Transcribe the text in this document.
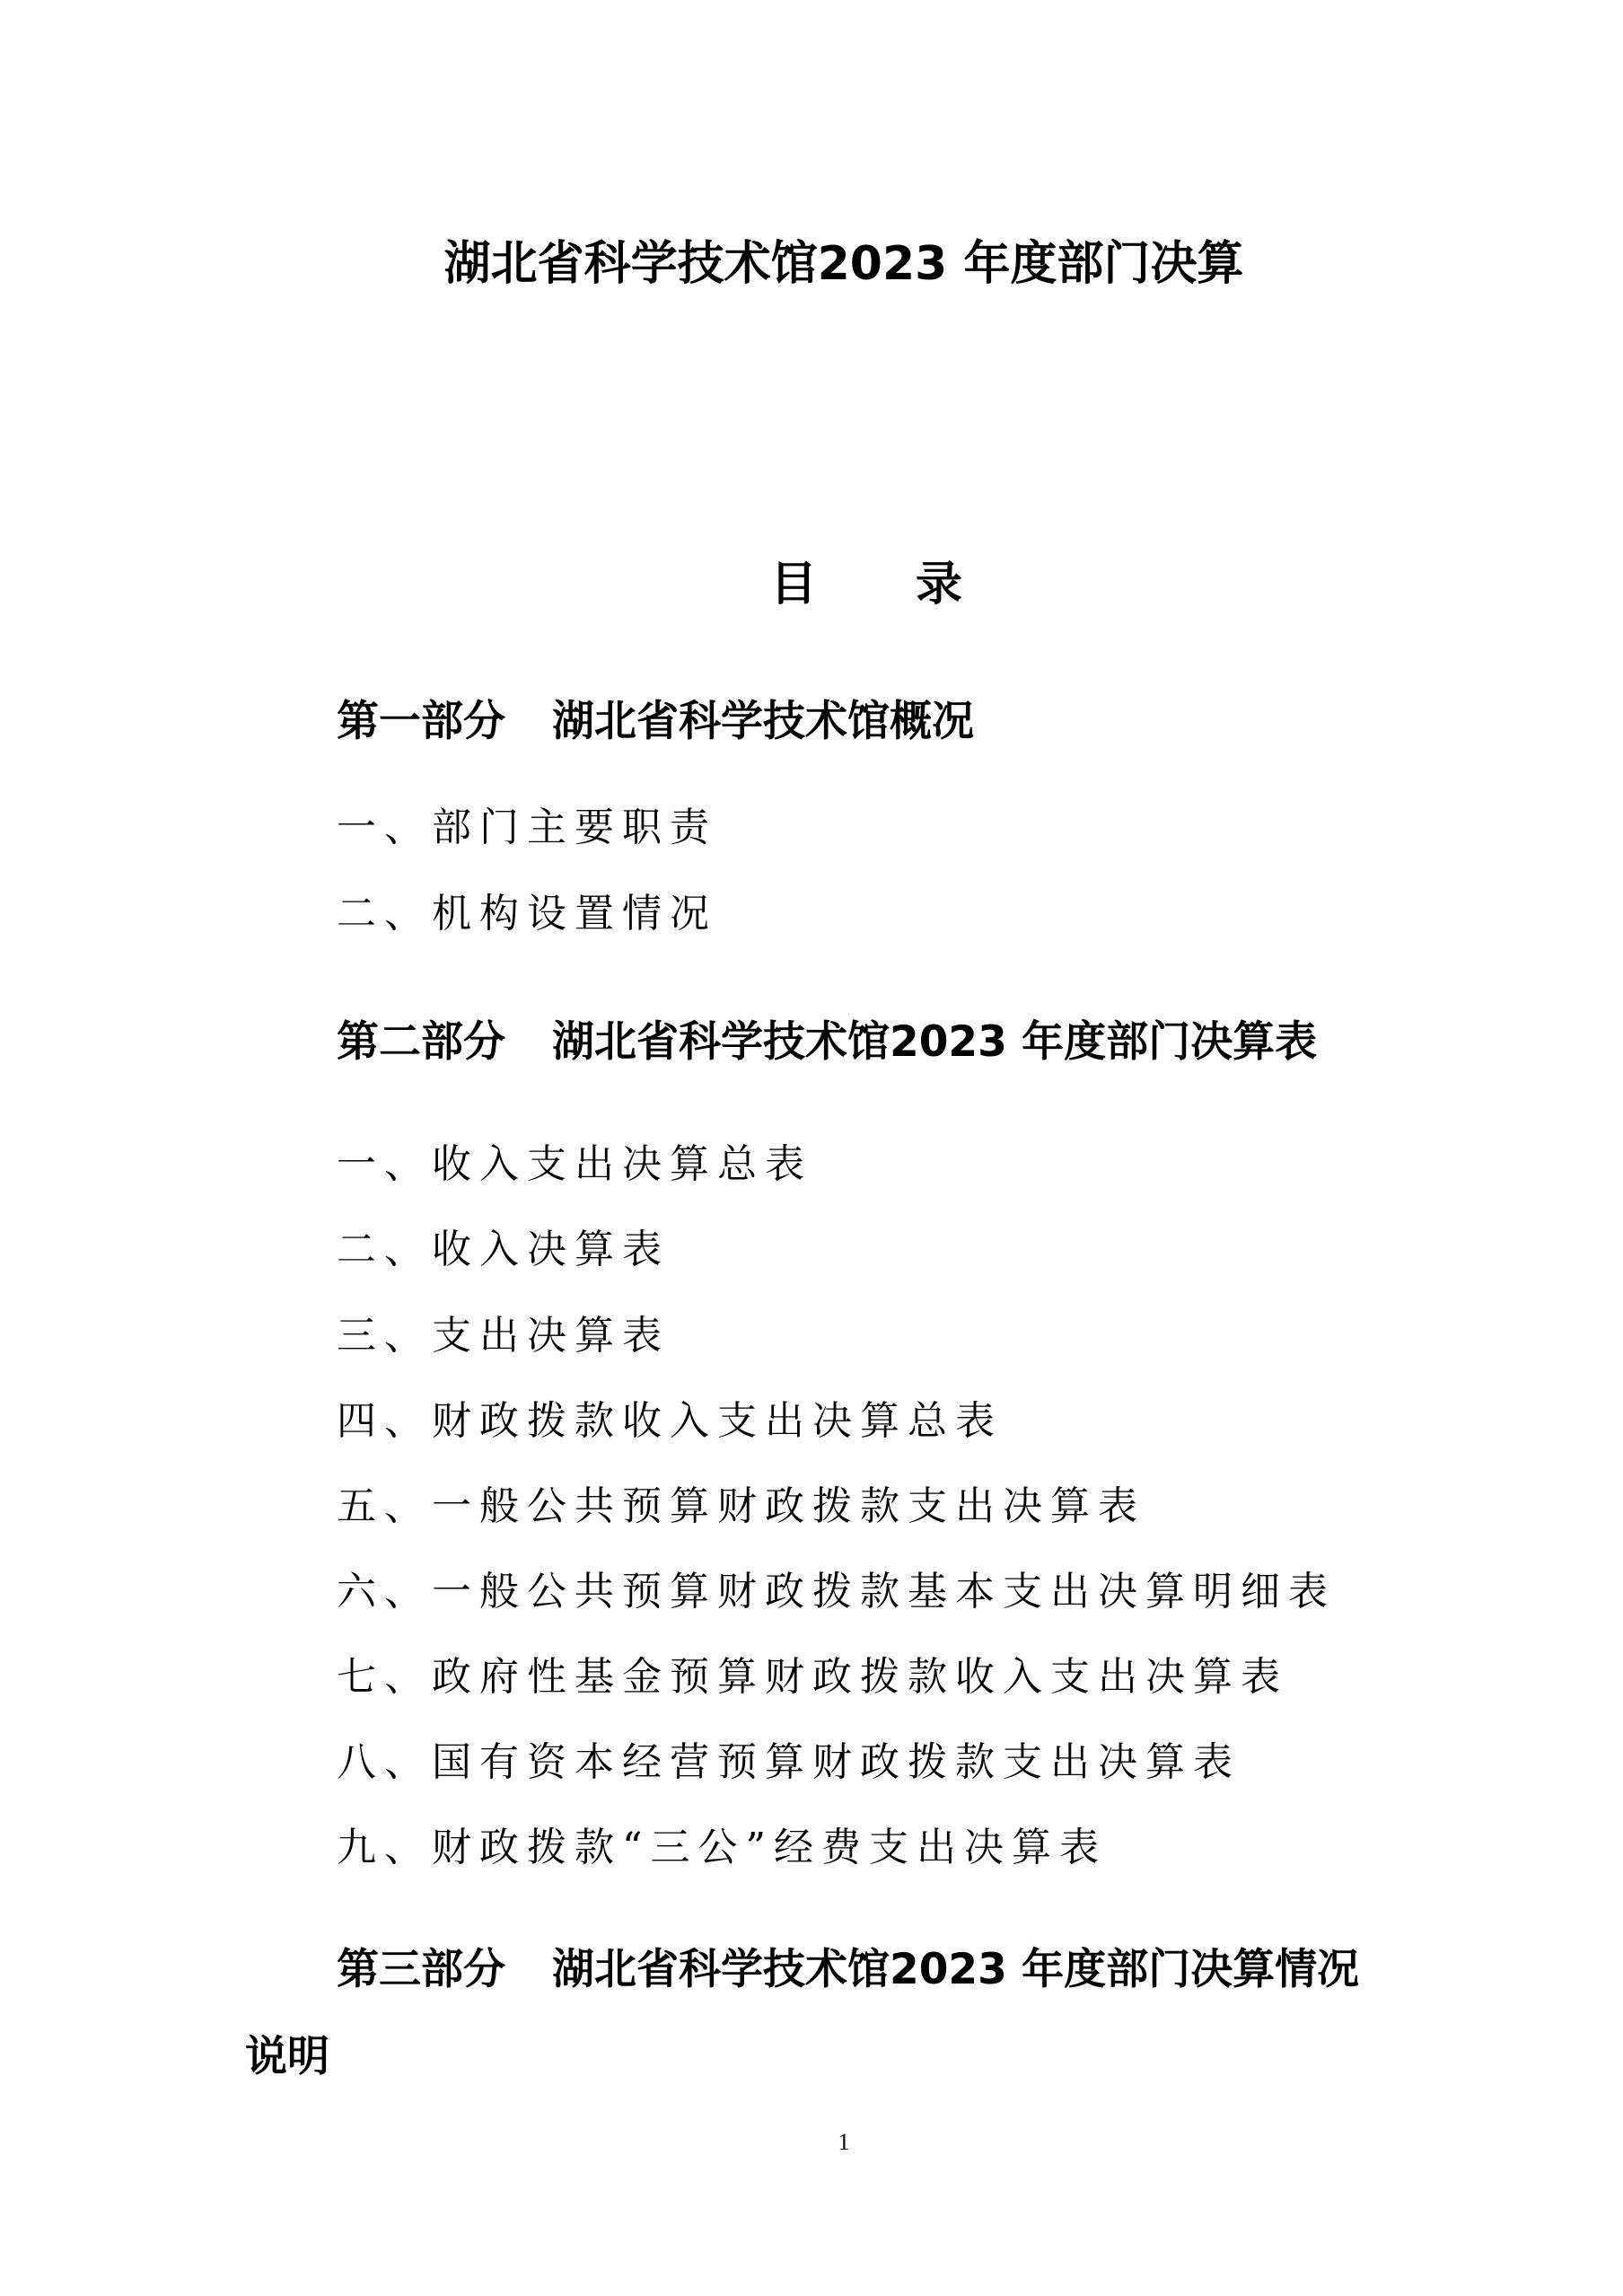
湖北省科学技术馆2023 年度部门决算
目 录
第一部分 湖北省科学技术馆概况
一、部门主要职责
二、机构设置情况
第二部分 湖北省科学技术馆2023 年度部门决算表
一、收入支出决算总表
二、收入决算表
三、支出决算表
四、财政拨款收入支出决算总表
五、一般公共预算财政拨款支出决算表
六、一般公共预算财政拨款基本支出决算明细表
七、政府性基金预算财政拨款收入支出决算表
八、国有资本经营预算财政拨款支出决算表
九、财政拨款“三公”经费支出决算表
第三部分 湖北省科学技术馆2023 年度部门决算情况
说明
1
